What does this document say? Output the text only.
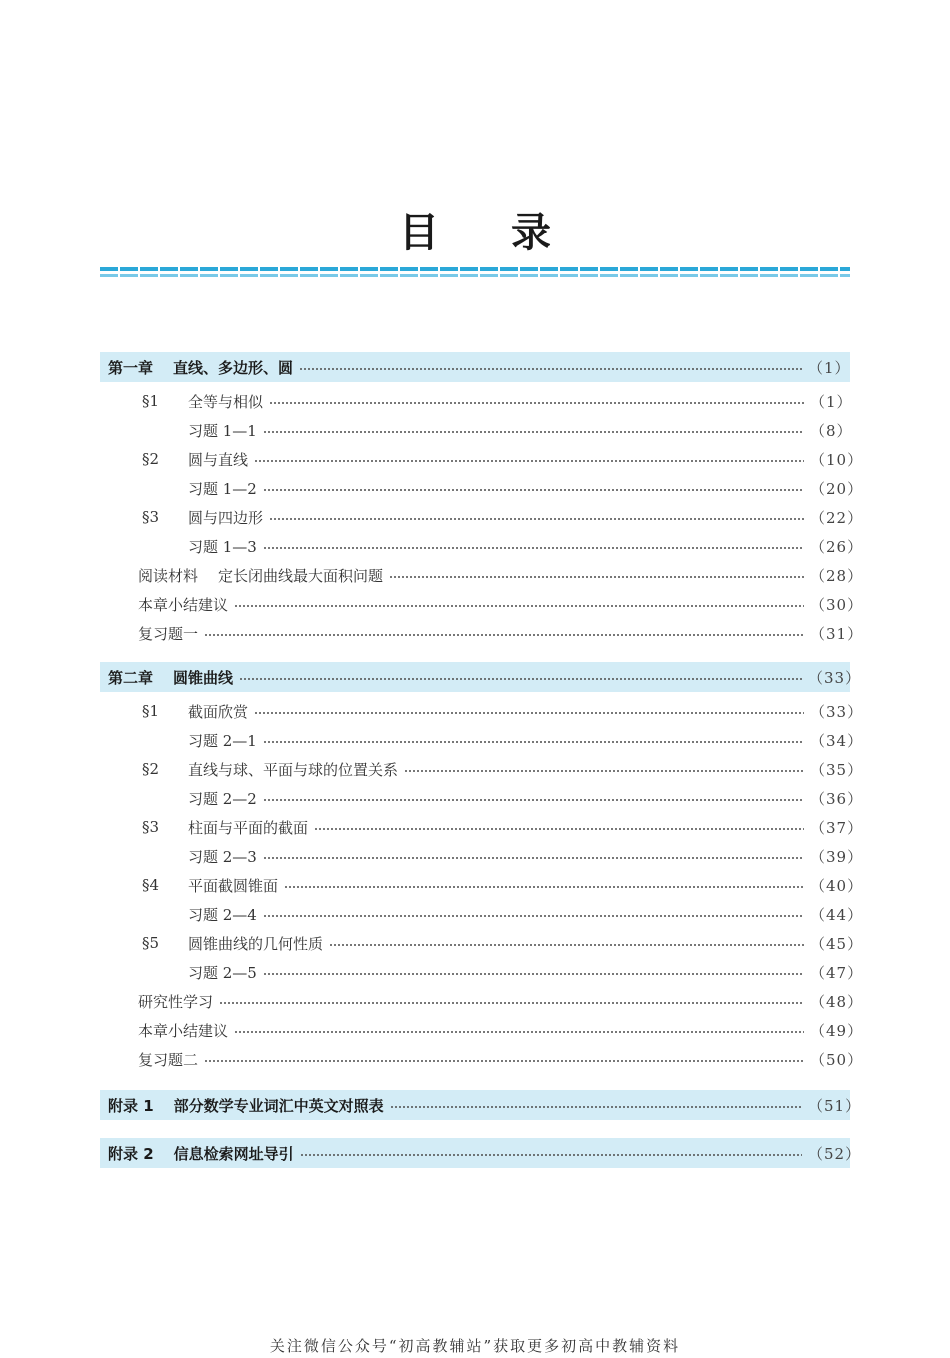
目录
第一章 直线、多边形、圆	（1）
§1	全等与相似	（1）
习题 1—1	（8）
§2	圆与直线	（10）
习题 1—2	（20）
§3	圆与四边形	（22）
习题 1—3	（26）
阅读材料 定长闭曲线最大面积问题	（28）
本章小结建议	（30）
复习题一	（31）
第二章 圆锥曲线	（33）
§1	截面欣赏	（33）
习题 2—1	（34）
§2	直线与球、平面与球的位置关系	（35）
习题 2—2	（36）
§3	柱面与平面的截面	（37）
习题 2—3	（39）
§4	平面截圆锥面	（40）
习题 2—4	（44）
§5	圆锥曲线的几何性质	（45）
习题 2—5	（47）
研究性学习	（48）
本章小结建议	（49）
复习题二	（50）
附录 1 部分数学专业词汇中英文对照表	（51）
附录 2 信息检索网址导引	（52）
关注微信公众号“初高教辅站”获取更多初高中教辅资料
